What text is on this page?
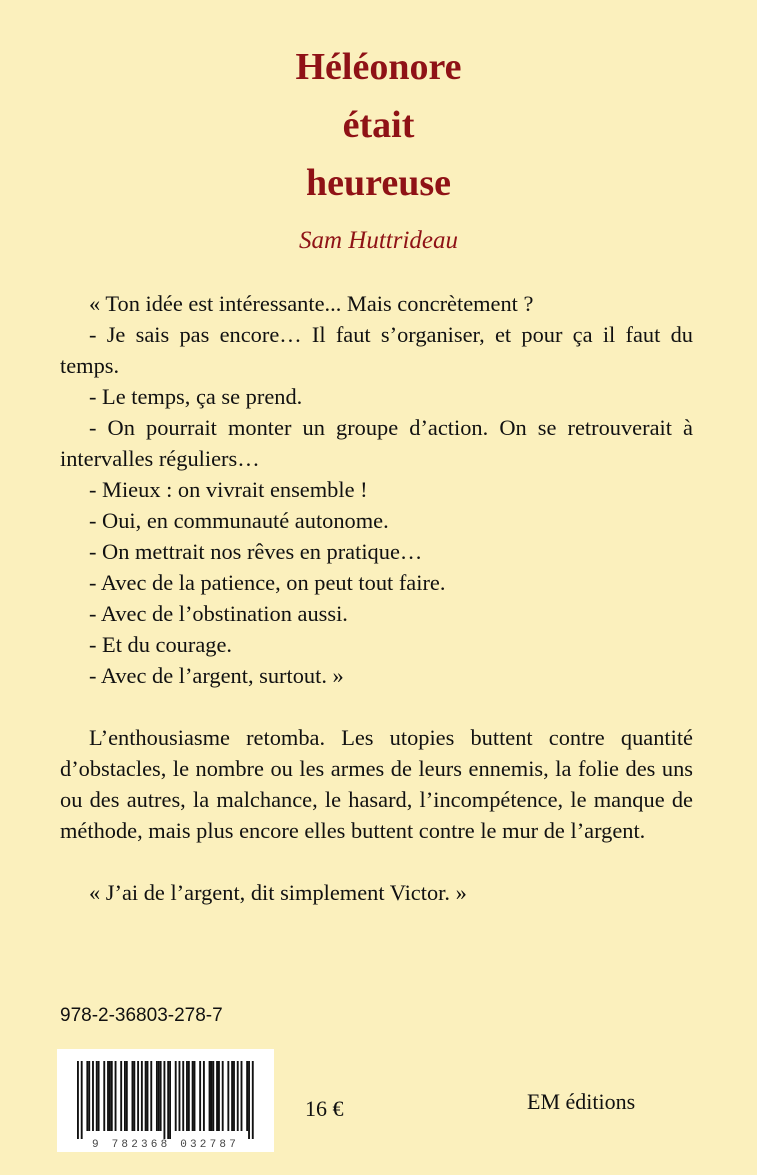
Héléonore
était
heureuse
Sam Huttrideau

« Ton idée est intéressante... Mais concrètement ?

- Je sais pas encore… Il faut s’organiser, et pour ça il faut du temps.

- Le temps, ça se prend.

- On pourrait monter un groupe d’action. On se retrouverait à intervalles réguliers…

- Mieux : on vivrait ensemble !

- Oui, en communauté autonome.

- On mettrait nos rêves en pratique…

- Avec de la patience, on peut tout faire.

- Avec de l’obstination aussi.

- Et du courage.

- Avec de l’argent, surtout. »

L’enthousiasme retomba. Les utopies buttent contre quantité d’obstacles, le nombre ou les armes de leurs ennemis, la folie des uns ou des autres, la malchance, le hasard, l’incompétence, le manque de méthode, mais plus encore elles buttent contre le mur de l’argent.

« J’ai de l’argent, dit simplement Victor. »

978-2-36803-278-7
9 782368 032787
16 €	EM éditions
